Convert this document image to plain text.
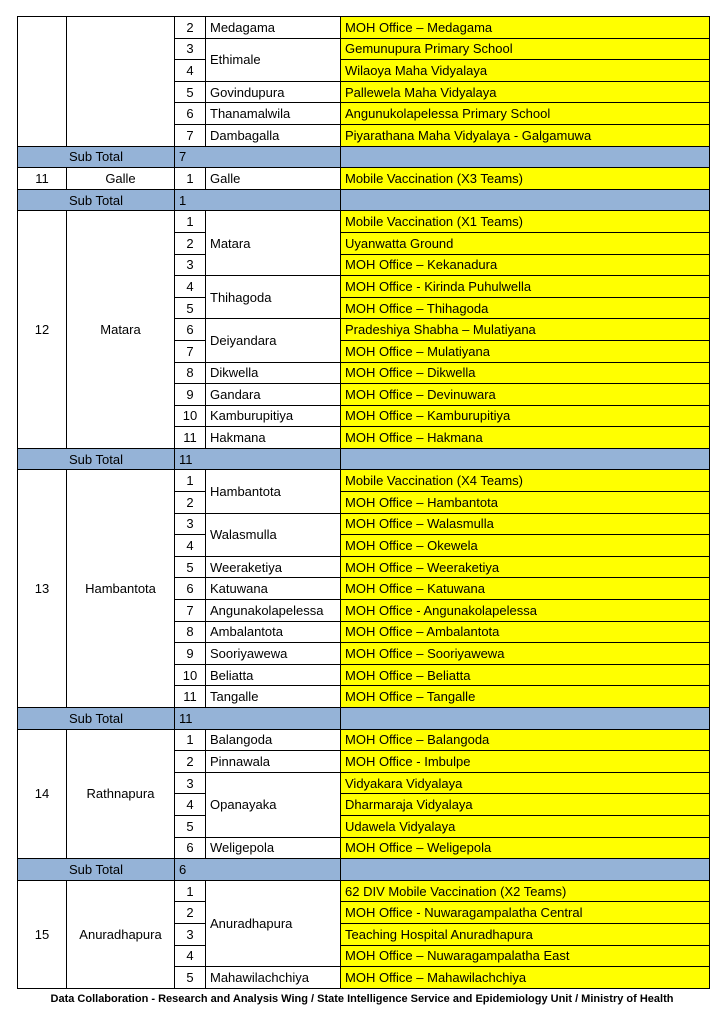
		2	Medagama	MOH Office – Medagama
		3	Ethimale	Gemunupura Primary School
		4		Wilaoya Maha Vidyalaya
		5	Govindupura	Pallewela Maha Vidyalaya
		6	Thanamalwila	Angunukolapelessa Primary School
		7	Dambagalla	Piyarathana Maha Vidyalaya - Galgamuwa
Sub Total		7		
11	Galle	1	Galle	Mobile Vaccination (X3 Teams)
Sub Total		1		
12	Matara	1	Matara	Mobile Vaccination (X1 Teams)
		2		Uyanwatta Ground
		3		MOH Office – Kekanadura
		4	Thihagoda	MOH Office - Kirinda Puhulwella
		5		MOH Office – Thihagoda
		6	Deiyandara	Pradeshiya Shabha – Mulatiyana
		7		MOH Office – Mulatiyana
		8	Dikwella	MOH Office – Dikwella
		9	Gandara	MOH Office – Devinuwara
		10	Kamburupitiya	MOH Office – Kamburupitiya
		11	Hakmana	MOH Office – Hakmana
Sub Total		11		
13	Hambantota	1	Hambantota	Mobile Vaccination (X4 Teams)
		2		MOH Office – Hambantota
		3	Walasmulla	MOH Office – Walasmulla
		4		MOH Office – Okewela
		5	Weeraketiya	MOH Office – Weeraketiya
		6	Katuwana	MOH Office – Katuwana
		7	Angunakolapelessa	MOH Office - Angunakolapelessa
		8	Ambalantota	MOH Office – Ambalantota
		9	Sooriyawewa	MOH Office – Sooriyawewa
		10	Beliatta	MOH Office – Beliatta
		11	Tangalle	MOH Office – Tangalle
Sub Total		11		
14	Rathnapura	1	Balangoda	MOH Office – Balangoda
		2	Pinnawala	MOH Office - Imbulpe
		3	Opanayaka	Vidyakara Vidyalaya
		4		Dharmaraja Vidyalaya
		5		Udawela Vidyalaya
		6	Weligepola	MOH Office – Weligepola
Sub Total		6		
15	Anuradhapura	1	Anuradhapura	62 DIV Mobile Vaccination (X2 Teams)
		2		MOH Office - Nuwaragampalatha Central
		3		Teaching Hospital Anuradhapura
		4		MOH Office – Nuwaragampalatha East
		5	Mahawilachchiya	MOH Office – Mahawilachchiya
Data Collaboration - Research and Analysis Wing / State Intelligence Service and Epidemiology Unit / Ministry of Health
